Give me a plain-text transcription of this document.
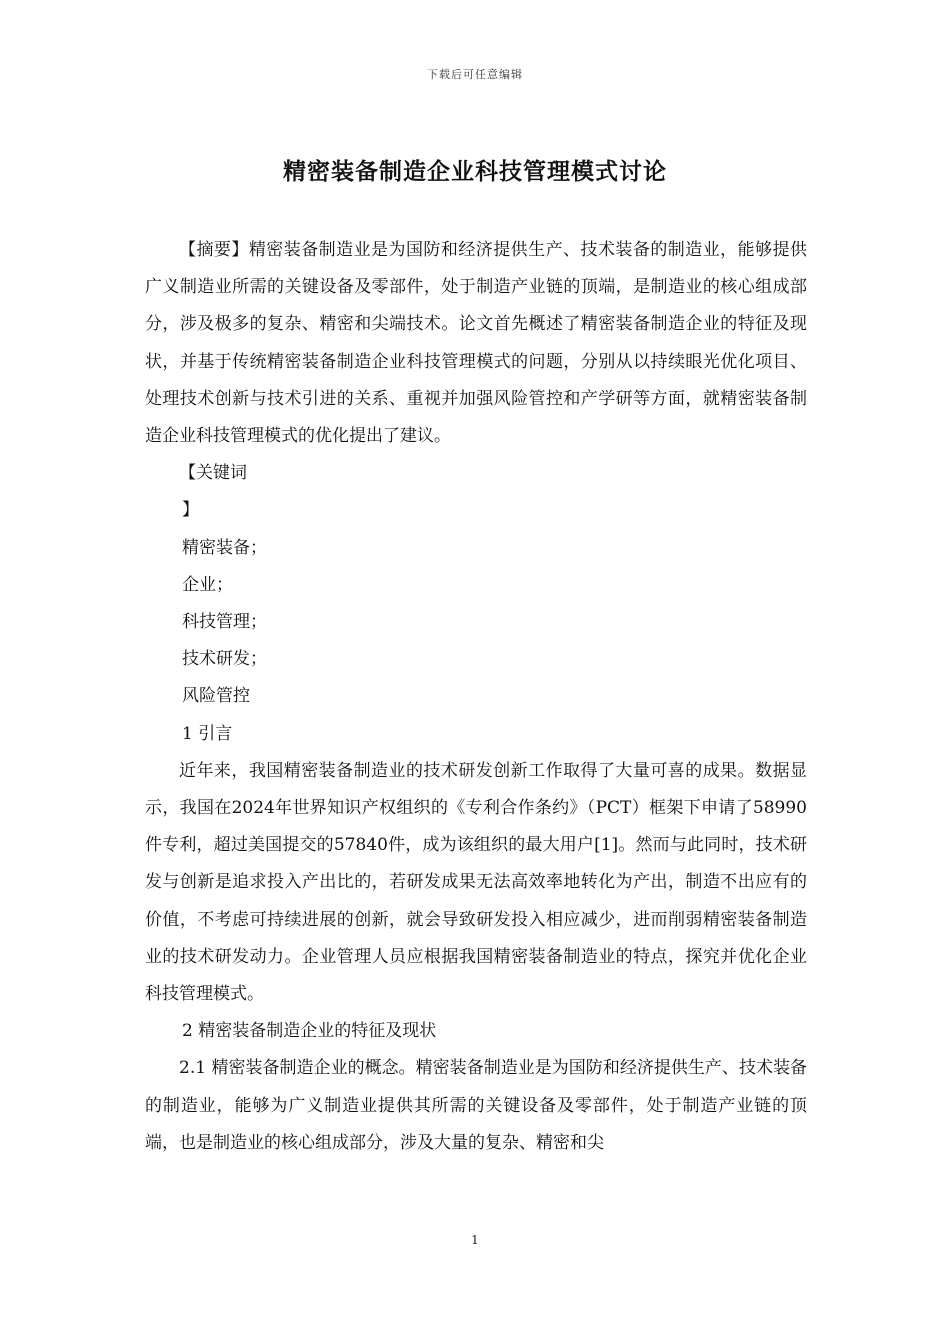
下载后可任意编辑
精密装备制造企业科技管理模式讨论

【摘要】精密装备制造业是为国防和经济提供生产、技术装备的制造业，能够提供广义制造业所需的关键设备及零部件，处于制造产业链的顶端，是制造业的核心组成部分，涉及极多的复杂、精密和尖端技术。论文首先概述了精密装备制造企业的特征及现状，并基于传统精密装备制造企业科技管理模式的问题，分别从以持续眼光优化项目、处理技术创新与技术引进的关系、重视并加强风险管控和产学研等方面，就精密装备制造企业科技管理模式的优化提出了建议。

【关键词

】

精密装备；

企业；

科技管理；

技术研发；

风险管控

1 引言

近年来，我国精密装备制造业的技术研发创新工作取得了大量可喜的成果。数据显示，我国在2024年世界知识产权组织的《专利合作条约》（PCT）框架下申请了58990件专利，超过美国提交的57840件，成为该组织的最大用户[1]。然而与此同时，技术研发与创新是追求投入产出比的，若研发成果无法高效率地转化为产出，制造不出应有的价值，不考虑可持续进展的创新，就会导致研发投入相应减少，进而削弱精密装备制造业的技术研发动力。企业管理人员应根据我国精密装备制造业的特点，探究并优化企业科技管理模式。

2 精密装备制造企业的特征及现状

2.1 精密装备制造企业的概念。精密装备制造业是为国防和经济提供生产、技术装备的制造业，能够为广义制造业提供其所需的关键设备及零部件，处于制造产业链的顶端，也是制造业的核心组成部分，涉及大量的复杂、精密和尖

1
